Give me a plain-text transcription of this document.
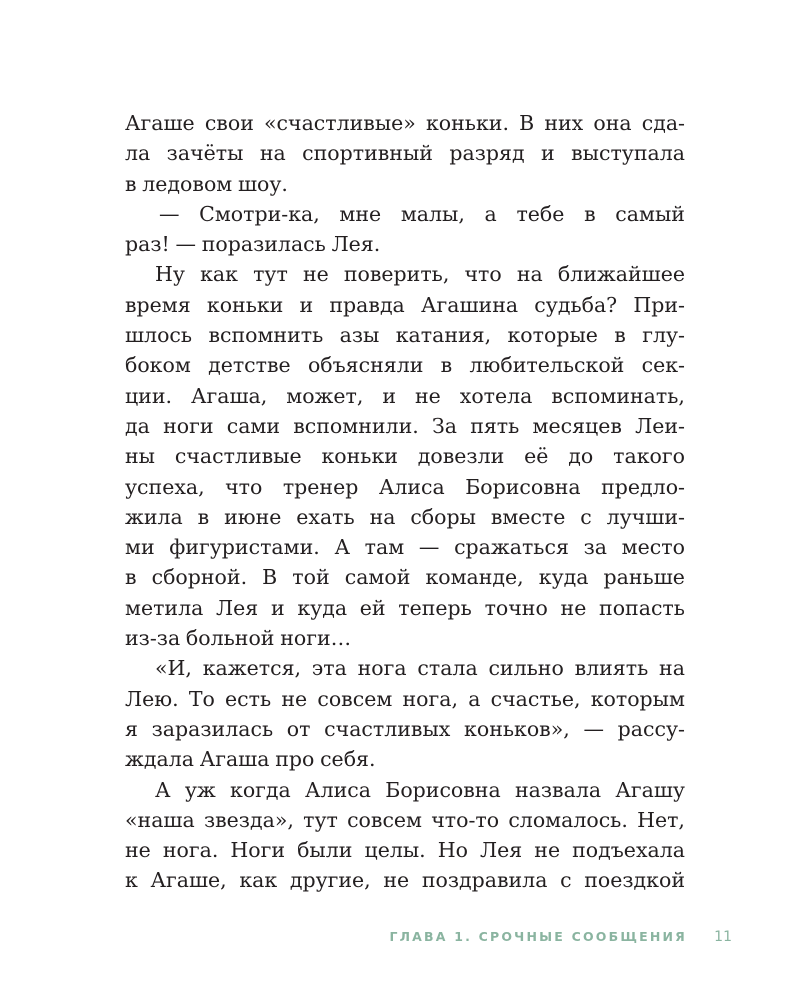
Агаше свои «счастливые» коньки. В них она сда-
ла зачёты на спортивный разряд и выступала
в ледовом шоу.
— Смотри-ка, мне малы, а тебе в самый
раз! — поразилась Лея.
Ну как тут не поверить, что на ближайшее
время коньки и правда Агашина судьба? При-
шлось вспомнить азы катания, которые в глу-
боком детстве объясняли в любительской сек-
ции. Агаша, может, и не хотела вспоминать,
да ноги сами вспомнили. За пять месяцев Леи-
ны счастливые коньки довезли её до такого
успеха, что тренер Алиса Борисовна предло-
жила в июне ехать на сборы вместе с лучши-
ми фигуристами. А там — сражаться за место
в сборной. В той самой команде, куда раньше
метила Лея и куда ей теперь точно не попасть
из-за больной ноги…
«И, кажется, эта нога стала сильно влиять на
Лею. То есть не совсем нога, а счастье, которым
я заразилась от счастливых коньков», — рассу-
ждала Агаша про себя.
А уж когда Алиса Борисовна назвала Агашу
«наша звезда», тут совсем что-то сломалось. Нет,
не нога. Ноги были целы. Но Лея не подъехала
к Агаше, как другие, не поздравила с поездкой
ГЛАВА 1. СРОЧНЫЕ СООБЩЕНИЯ 11
